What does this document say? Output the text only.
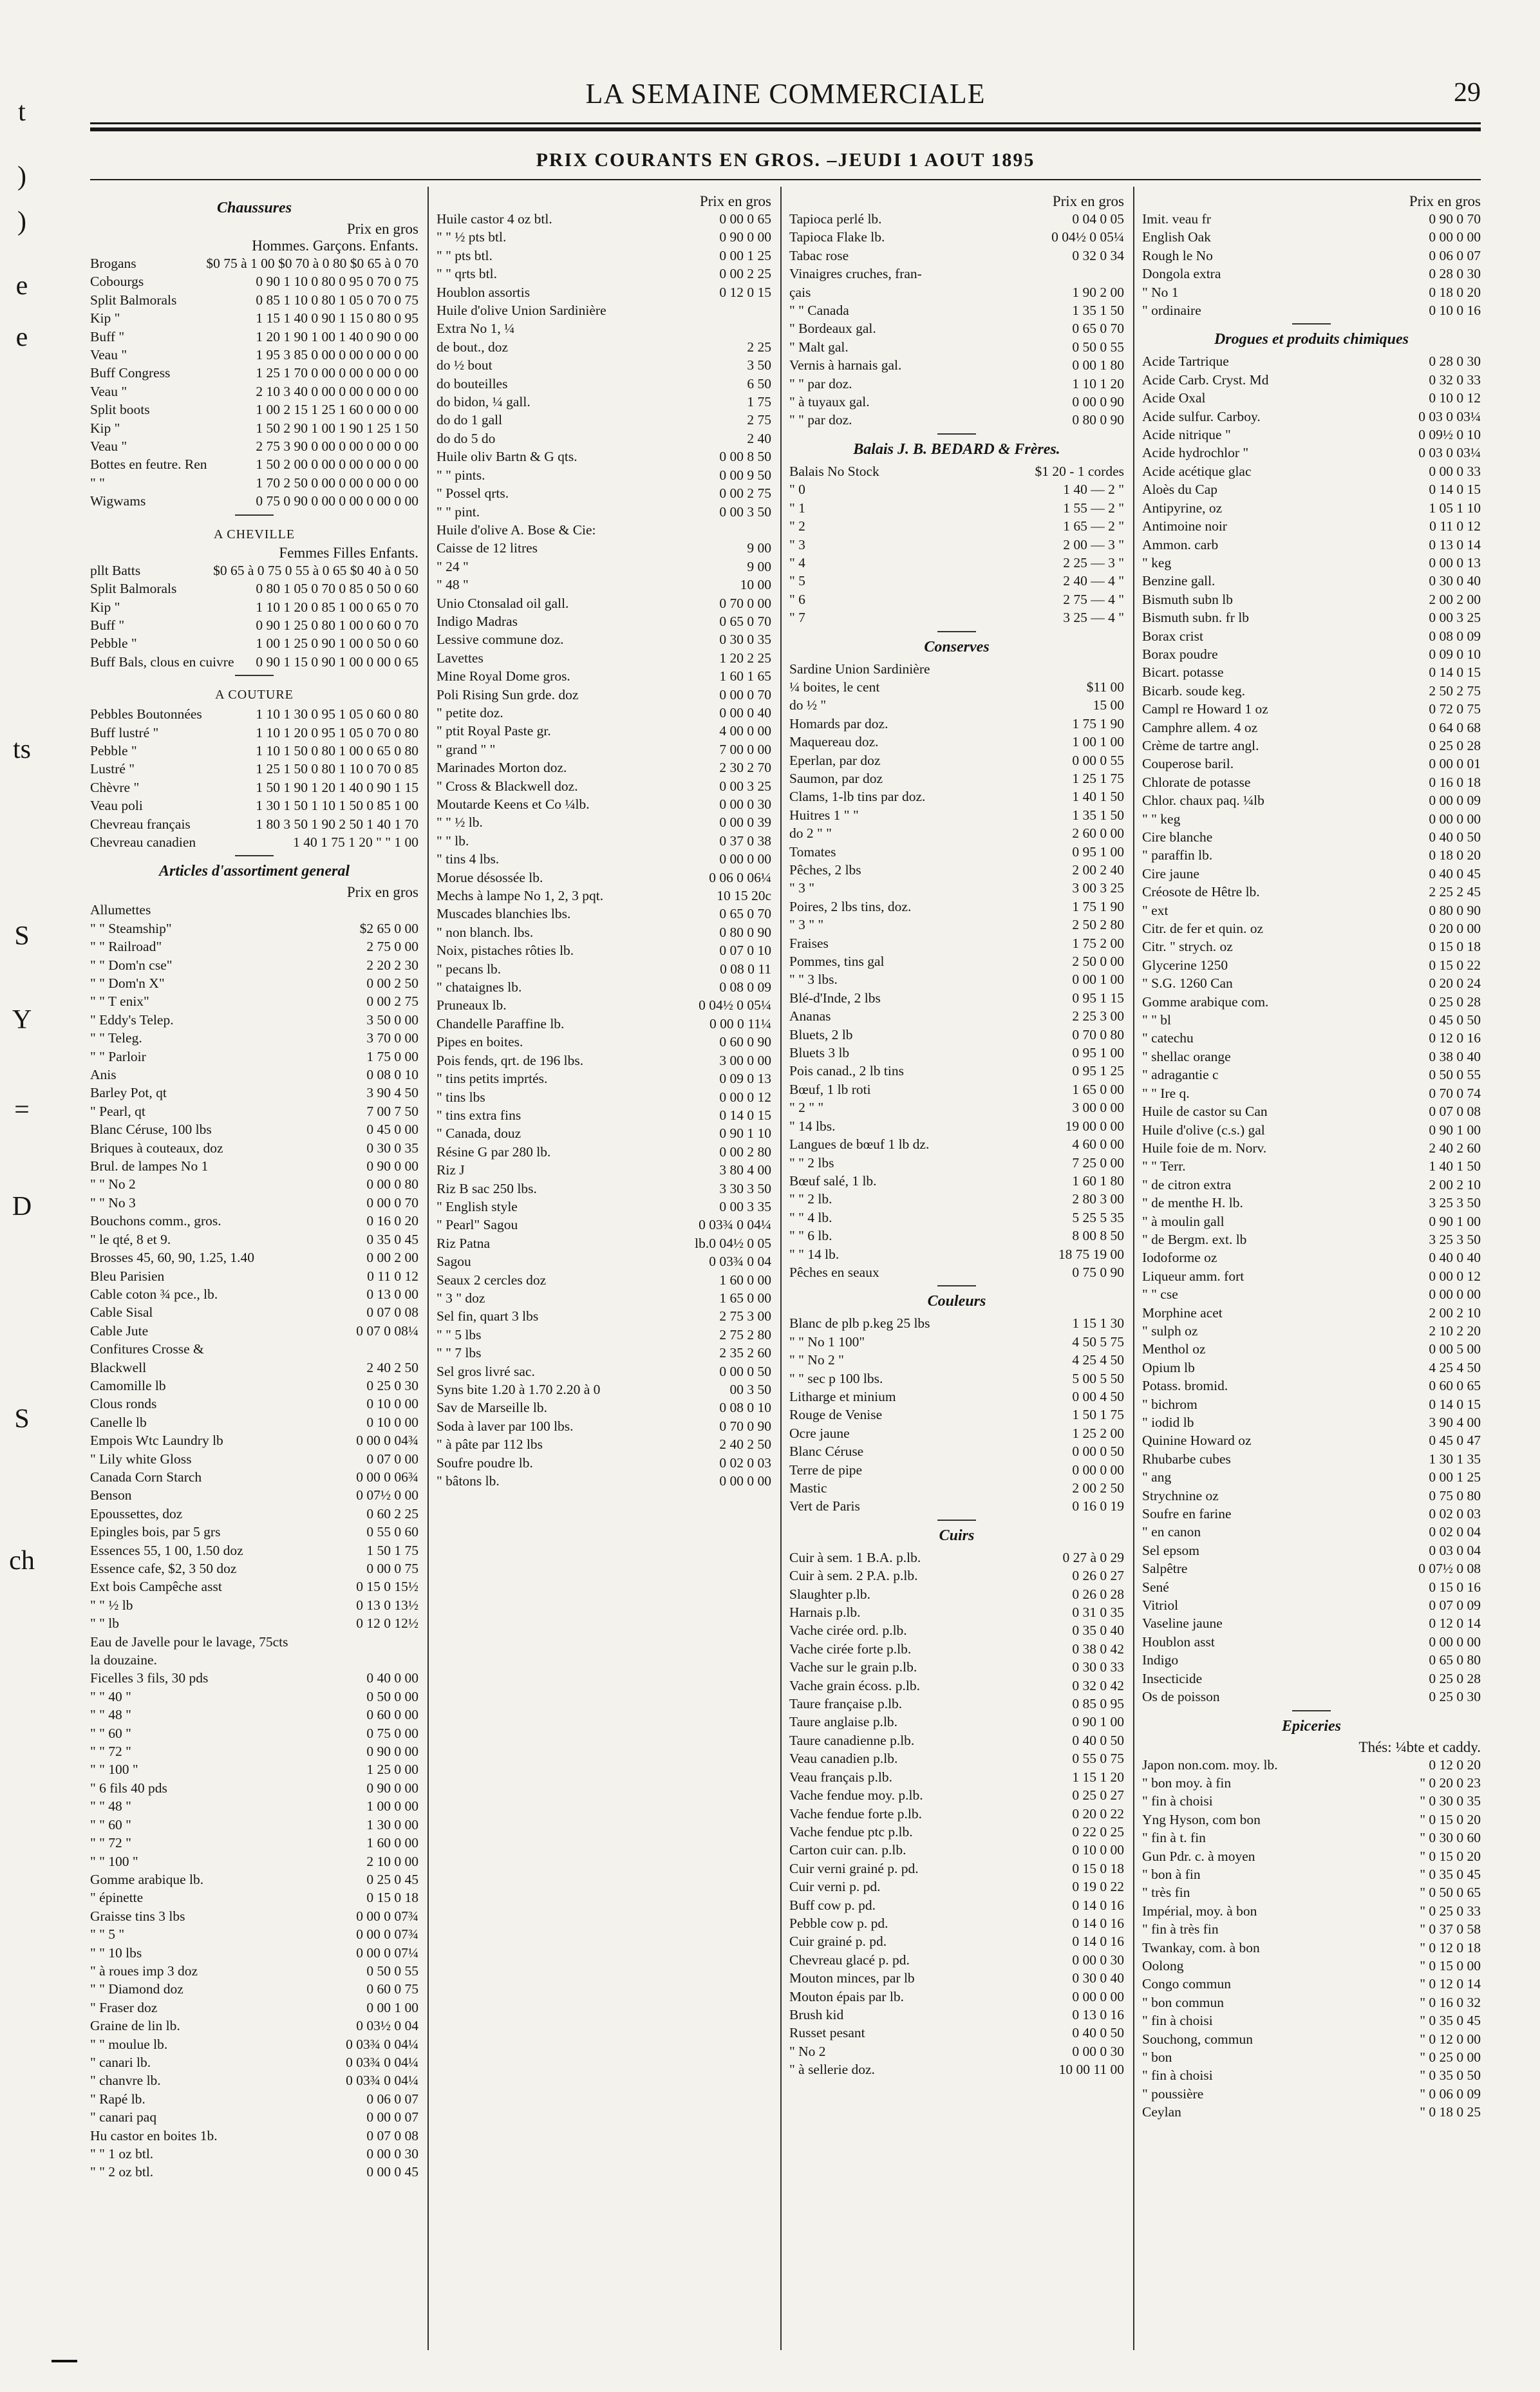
LA SEMAINE COMMERCIALE	29
PRIX COURANTS EN GROS. –JEUDI 1 AOUT 1895
t
)
)
e
e
ts
S
Y
=
D
S
ch
Chaussures
Prix en gros
Hommes. Garçons. Enfants.
Brogans	$0 75 à 1 00 $0 70 à 0 80 $0 65 à 0 70
Cobourgs	0 90 1 10 0 80 0 95 0 70 0 75
Split Balmorals	0 85 1 10 0 80 1 05 0 70 0 75
Kip "	1 15 1 40 0 90 1 15 0 80 0 95
Buff "	1 20 1 90 1 00 1 40 0 90 0 00
Veau "	1 95 3 85 0 00 0 00 0 00 0 00
Buff Congress	1 25 1 70 0 00 0 00 0 00 0 00
Veau "	2 10 3 40 0 00 0 00 0 00 0 00
Split boots	1 00 2 15 1 25 1 60 0 00 0 00
Kip "	1 50 2 90 1 00 1 90 1 25 1 50
Veau "	2 75 3 90 0 00 0 00 0 00 0 00
Bottes en feutre. Ren	1 50 2 00 0 00 0 00 0 00 0 00
" "	1 70 2 50 0 00 0 00 0 00 0 00
Wigwams	0 75 0 90 0 00 0 00 0 00 0 00
A CHEVILLE
Femmes Filles Enfants.
pllt Batts	$0 65 à 0 75 0 55 à 0 65 $0 40 à 0 50
Split Balmorals	0 80 1 05 0 70 0 85 0 50 0 60
Kip "	1 10 1 20 0 85 1 00 0 65 0 70
Buff "	0 90 1 25 0 80 1 00 0 60 0 70
Pebble "	1 00 1 25 0 90 1 00 0 50 0 60
Buff Bals, clous en cuivre	0 90 1 15 0 90 1 00 0 00 0 65
A COUTURE
Pebbles Boutonnées	1 10 1 30 0 95 1 05 0 60 0 80
Buff lustré "	1 10 1 20 0 95 1 05 0 70 0 80
Pebble "	1 10 1 50 0 80 1 00 0 65 0 80
Lustré "	1 25 1 50 0 80 1 10 0 70 0 85
Chèvre "	1 50 1 90 1 20 1 40 0 90 1 15
Veau poli	1 30 1 50 1 10 1 50 0 85 1 00
Chevreau français	1 80 3 50 1 90 2 50 1 40 1 70
Chevreau canadien	1 40 1 75 1 20 " " 1 00
Articles d'assortiment general
Prix en gros
Allumettes
" " Steamship"	$2 65 0 00
" " Railroad"	2 75 0 00
" " Dom'n cse"	2 20 2 30
" " Dom'n X"	0 00 2 50
" " T enix"	0 00 2 75
" Eddy's Telep.	3 50 0 00
" " Teleg.	3 70 0 00
" " Parloir	1 75 0 00
Anis	0 08 0 10
Barley Pot, qt	3 90 4 50
" Pearl, qt	7 00 7 50
Blanc Céruse, 100 lbs	0 45 0 00
Briques à couteaux, doz	0 30 0 35
Brul. de lampes No 1	0 90 0 00
" " No 2	0 00 0 80
" " No 3	0 00 0 70
Bouchons comm., gros.	0 16 0 20
" le qté, 8 et 9.	0 35 0 45
Brosses 45, 60, 90, 1.25, 1.40	0 00 2 00
Bleu Parisien	0 11 0 12
Cable coton ¾ pce., lb.	0 13 0 00
Cable Sisal	0 07 0 08
Cable Jute	0 07 0 08¼
Confitures Crosse &
Blackwell	2 40 2 50
Camomille lb	0 25 0 30
Clous ronds	0 10 0 00
Canelle lb	0 10 0 00
Empois Wtc Laundry lb	0 00 0 04¾
" Lily white Gloss	0 07 0 00
Canada Corn Starch	0 00 0 06¾
Benson	0 07½ 0 00
Epoussettes, doz	0 60 2 25
Epingles bois, par 5 grs	0 55 0 60
Essences 55, 1 00, 1.50 doz	1 50 1 75
Essence cafe, $2, 3 50 doz	0 00 0 75
Ext bois Campêche asst	0 15 0 15½
" " ½ lb	0 13 0 13½
" " lb	0 12 0 12½
Eau de Javelle pour le lavage, 75cts
la douzaine.
Ficelles 3 fils, 30 pds	0 40 0 00
" " 40 "	0 50 0 00
" " 48 "	0 60 0 00
" " 60 "	0 75 0 00
" " 72 "	0 90 0 00
" " 100 "	1 25 0 00
" 6 fils 40 pds	0 90 0 00
" " 48 "	1 00 0 00
" " 60 "	1 30 0 00
" " 72 "	1 60 0 00
" " 100 "	2 10 0 00
Gomme arabique lb.	0 25 0 45
" épinette	0 15 0 18
Graisse tins 3 lbs	0 00 0 07¾
" " 5 "	0 00 0 07¾
" " 10 lbs	0 00 0 07¼
" à roues imp 3 doz	0 50 0 55
" " Diamond doz	0 60 0 75
" Fraser doz	0 00 1 00
Graine de lin lb.	0 03½ 0 04
" " moulue lb.	0 03¾ 0 04¼
" canari lb.	0 03¾ 0 04¼
" chanvre lb.	0 03¾ 0 04¼
" Rapé lb.	0 06 0 07
" canari paq	0 00 0 07
Hu castor en boites 1b.	0 07 0 08
" " 1 oz btl.	0 00 0 30
" " 2 oz btl.	0 00 0 45
Prix en gros
Huile castor 4 oz btl.	0 00 0 65
" " ½ pts btl.	0 90 0 00
" " pts btl.	0 00 1 25
" " qrts btl.	0 00 2 25
Houblon assortis	0 12 0 15
Huile d'olive Union Sardinière
Extra No 1, ¼
de bout., doz	2 25
do ½ bout	3 50
do bouteilles	6 50
do bidon, ¼ gall.	1 75
do do 1 gall	2 75
do do 5 do	2 40
Huile oliv Bartn & G qts.	0 00 8 50
" " pints.	0 00 9 50
" Possel qrts.	0 00 2 75
" " pint.	0 00 3 50
Huile d'olive A. Bose & Cie:
Caisse de 12 litres	9 00
" 24 "	9 00
" 48 "	10 00
Unio Ctonsalad oil gall.	0 70 0 00
Indigo Madras	0 65 0 70
Lessive commune doz.	0 30 0 35
Lavettes	1 20 2 25
Mine Royal Dome gros.	1 60 1 65
Poli Rising Sun grde. doz	0 00 0 70
" petite doz.	0 00 0 40
" ptit Royal Paste gr.	4 00 0 00
" grand " "	7 00 0 00
Marinades Morton doz.	2 30 2 70
" Cross & Blackwell doz.	0 00 3 25
Moutarde Keens et Co ¼lb.	0 00 0 30
" " ½ lb.	0 00 0 39
" " lb.	0 37 0 38
" tins 4 lbs.	0 00 0 00
Morue désossée lb.	0 06 0 06¼
Mechs à lampe No 1, 2, 3 pqt.	10 15 20c
Muscades blanchies lbs.	0 65 0 70
" non blanch. lbs.	0 80 0 90
Noix, pistaches rôties lb.	0 07 0 10
" pecans lb.	0 08 0 11
" chataignes lb.	0 08 0 09
Pruneaux lb.	0 04½ 0 05¼
Chandelle Paraffine lb.	0 00 0 11¼
Pipes en boites.	0 60 0 90
Pois fends, qrt. de 196 lbs.	3 00 0 00
" tins petits imprtés.	0 09 0 13
" tins lbs	0 00 0 12
" tins extra fins	0 14 0 15
" Canada, douz	0 90 1 10
Résine G par 280 lb.	0 00 2 80
Riz J	3 80 4 00
Riz B sac 250 lbs.	3 30 3 50
" English style	0 00 3 35
" Pearl" Sagou	0 03¾ 0 04¼
Riz Patna	lb.0 04½ 0 05
Sagou	0 03¾ 0 04
Seaux 2 cercles doz	1 60 0 00
" 3 " doz	1 65 0 00
Sel fin, quart 3 lbs	2 75 3 00
" " 5 lbs	2 75 2 80
" " 7 lbs	2 35 2 60
Sel gros livré sac.	0 00 0 50
Syns bite 1.20 à 1.70 2.20 à 0	00 3 50
Sav de Marseille lb.	0 08 0 10
Soda à laver par 100 lbs.	0 70 0 90
" à pâte par 112 lbs	2 40 2 50
Soufre poudre lb.	0 02 0 03
" bâtons lb.	0 00 0 00
Prix en gros
Tapioca perlé lb.	0 04 0 05
Tapioca Flake lb.	0 04½ 0 05¼
Tabac rose	0 32 0 34
Vinaigres cruches, fran-
çais	1 90 2 00
" " Canada	1 35 1 50
" Bordeaux gal.	0 65 0 70
" Malt gal.	0 50 0 55
Vernis à harnais gal.	0 00 1 80
" " par doz.	1 10 1 20
" à tuyaux gal.	0 00 0 90
" " par doz.	0 80 0 90
Balais J. B. BEDARD & Frères.
Balais No Stock	$1 20 - 1 cordes
" 0	1 40 — 2 "
" 1	1 55 — 2 "
" 2	1 65 — 2 "
" 3	2 00 — 3 "
" 4	2 25 — 3 "
" 5	2 40 — 4 "
" 6	2 75 — 4 "
" 7	3 25 — 4 "
Conserves
Sardine Union Sardinière
¼ boites, le cent	$11 00
do ½ "	15 00
Homards par doz.	1 75 1 90
Maquereau doz.	1 00 1 00
Eperlan, par doz	0 00 0 55
Saumon, par doz	1 25 1 75
Clams, 1-lb tins par doz.	1 40 1 50
Huitres 1 " "	1 35 1 50
do 2 " "	2 60 0 00
Tomates	0 95 1 00
Pêches, 2 lbs	2 00 2 40
" 3 "	3 00 3 25
Poires, 2 lbs tins, doz.	1 75 1 90
" 3 " "	2 50 2 80
Fraises	1 75 2 00
Pommes, tins gal	2 50 0 00
" " 3 lbs.	0 00 1 00
Blé-d'Inde, 2 lbs	0 95 1 15
Ananas	2 25 3 00
Bluets, 2 lb	0 70 0 80
Bluets 3 lb	0 95 1 00
Pois canad., 2 lb tins	0 95 1 25
Bœuf, 1 lb roti	1 65 0 00
" 2 " "	3 00 0 00
" 14 lbs.	19 00 0 00
Langues de bœuf 1 lb dz.	4 60 0 00
" " 2 lbs	7 25 0 00
Bœuf salé, 1 lb.	1 60 1 80
" " 2 lb.	2 80 3 00
" " 4 lb.	5 25 5 35
" " 6 lb.	8 00 8 50
" " 14 lb.	18 75 19 00
Pêches en seaux	0 75 0 90
Couleurs
Blanc de plb p.keg 25 lbs	1 15 1 30
" " No 1 100"	4 50 5 75
" " No 2 "	4 25 4 50
" " sec p 100 lbs.	5 00 5 50
Litharge et minium	0 00 4 50
Rouge de Venise	1 50 1 75
Ocre jaune	1 25 2 00
Blanc Céruse	0 00 0 50
Terre de pipe	0 00 0 00
Mastic	2 00 2 50
Vert de Paris	0 16 0 19
Cuirs
Cuir à sem. 1 B.A. p.lb.	0 27 à 0 29
Cuir à sem. 2 P.A. p.lb.	0 26 0 27
Slaughter p.lb.	0 26 0 28
Harnais p.lb.	0 31 0 35
Vache cirée ord. p.lb.	0 35 0 40
Vache cirée forte p.lb.	0 38 0 42
Vache sur le grain p.lb.	0 30 0 33
Vache grain écoss. p.lb.	0 32 0 42
Taure française p.lb.	0 85 0 95
Taure anglaise p.lb.	0 90 1 00
Taure canadienne p.lb.	0 40 0 50
Veau canadien p.lb.	0 55 0 75
Veau français p.lb.	1 15 1 20
Vache fendue moy. p.lb.	0 25 0 27
Vache fendue forte p.lb.	0 20 0 22
Vache fendue ptc p.lb.	0 22 0 25
Carton cuir can. p.lb.	0 10 0 00
Cuir verni grainé p. pd.	0 15 0 18
Cuir verni p. pd.	0 19 0 22
Buff cow p. pd.	0 14 0 16
Pebble cow p. pd.	0 14 0 16
Cuir grainé p. pd.	0 14 0 16
Chevreau glacé p. pd.	0 00 0 30
Mouton minces, par lb	0 30 0 40
Mouton épais par lb.	0 00 0 00
Brush kid	0 13 0 16
Russet pesant	0 40 0 50
" No 2	0 00 0 30
" à sellerie doz.	10 00 11 00
Prix en gros
Imit. veau fr	0 90 0 70
English Oak	0 00 0 00
Rough le No	0 06 0 07
Dongola extra	0 28 0 30
" No 1	0 18 0 20
" ordinaire	0 10 0 16
Drogues et produits chimiques
Acide Tartrique	0 28 0 30
Acide Carb. Cryst. Md	0 32 0 33
Acide Oxal	0 10 0 12
Acide sulfur. Carboy.	0 03 0 03¼
Acide nitrique "	0 09½ 0 10
Acide hydrochlor "	0 03 0 03¼
Acide acétique glac	0 00 0 33
Aloès du Cap	0 14 0 15
Antipyrine, oz	1 05 1 10
Antimoine noir	0 11 0 12
Ammon. carb	0 13 0 14
" keg	0 00 0 13
Benzine gall.	0 30 0 40
Bismuth subn lb	2 00 2 00
Bismuth subn. fr lb	0 00 3 25
Borax crist	0 08 0 09
Borax poudre	0 09 0 10
Bicart. potasse	0 14 0 15
Bicarb. soude keg.	2 50 2 75
Campl re Howard 1 oz	0 72 0 75
Camphre allem. 4 oz	0 64 0 68
Crème de tartre angl.	0 25 0 28
Couperose baril.	0 00 0 01
Chlorate de potasse	0 16 0 18
Chlor. chaux paq. ¼lb	0 00 0 09
" " keg	0 00 0 00
Cire blanche	0 40 0 50
" paraffin lb.	0 18 0 20
Cire jaune	0 40 0 45
Créosote de Hêtre lb.	2 25 2 45
" ext	0 80 0 90
Citr. de fer et quin. oz	0 20 0 00
Citr. " strych. oz	0 15 0 18
Glycerine 1250	0 15 0 22
" S.G. 1260 Can	0 20 0 24
Gomme arabique com.	0 25 0 28
" " bl	0 45 0 50
" catechu	0 12 0 16
" shellac orange	0 38 0 40
" adragantie c	0 50 0 55
" " Ire q.	0 70 0 74
Huile de castor su Can	0 07 0 08
Huile d'olive (c.s.) gal	0 90 1 00
Huile foie de m. Norv.	2 40 2 60
" " Terr.	1 40 1 50
" de citron extra	2 00 2 10
" de menthe H. lb.	3 25 3 50
" à moulin gall	0 90 1 00
" de Bergm. ext. lb	3 25 3 50
Iodoforme oz	0 40 0 40
Liqueur amm. fort	0 00 0 12
" " cse	0 00 0 00
Morphine acet	2 00 2 10
" sulph oz	2 10 2 20
Menthol oz	0 00 5 00
Opium lb	4 25 4 50
Potass. bromid.	0 60 0 65
" bichrom	0 14 0 15
" iodid lb	3 90 4 00
Quinine Howard oz	0 45 0 47
Rhubarbe cubes	1 30 1 35
" ang	0 00 1 25
Strychnine oz	0 75 0 80
Soufre en farine	0 02 0 03
" en canon	0 02 0 04
Sel epsom	0 03 0 04
Salpêtre	0 07½ 0 08
Sené	0 15 0 16
Vitriol	0 07 0 09
Vaseline jaune	0 12 0 14
Houblon asst	0 00 0 00
Indigo	0 65 0 80
Insecticide	0 25 0 28
Os de poisson	0 25 0 30
Epiceries
Thés: ¼bte et caddy.
Japon non.com. moy. lb.	0 12 0 20
" bon moy. à fin	" 0 20 0 23
" fin à choisi	" 0 30 0 35
Yng Hyson, com bon	" 0 15 0 20
" fin à t. fin	" 0 30 0 60
Gun Pdr. c. à moyen	" 0 15 0 20
" bon à fin	" 0 35 0 45
" très fin	" 0 50 0 65
Impérial, moy. à bon	" 0 25 0 33
" fin à très fin	" 0 37 0 58
Twankay, com. à bon	" 0 12 0 18
Oolong	" 0 15 0 00
Congo commun	" 0 12 0 14
" bon commun	" 0 16 0 32
" fin à choisi	" 0 35 0 45
Souchong, commun	" 0 12 0 00
" bon	" 0 25 0 00
" fin à choisi	" 0 35 0 50
" poussière	" 0 06 0 09
Ceylan	" 0 18 0 25
